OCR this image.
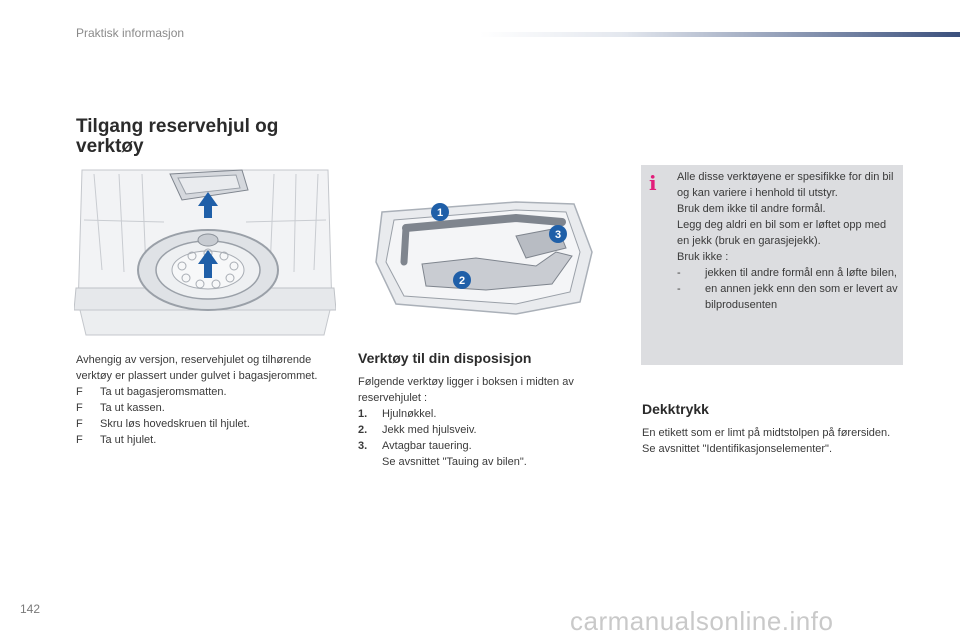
Praktisk informasjon
Tilgang reservehjul og verktøy
1
2
3
Avhengig av versjon, reservehjulet og tilhørende verktøy er plassert under gulvet i bagasjerommet.
F Ta ut bagasjeromsmatten.
F Ta ut kassen.
F Skru løs hovedskruen til hjulet.
F Ta ut hjulet.
Verktøy til din disposisjon
Følgende verktøy ligger i boksen i midten av reservehjulet :
1. Hjulnøkkel.
2. Jekk med hjulsveiv.
3. Avtagbar tauering.
Se avsnittet "Tauing av bilen".
i Alle disse verktøyene er spesifikke for din bil og kan variere i henhold til utstyr.
Bruk dem ikke til andre formål.
Legg deg aldri en bil som er løftet opp med en jekk (bruk en garasjejekk).
Bruk ikke :
- jekken til andre formål enn å løfte bilen,
- en annen jekk enn den som er levert av bilprodusenten
Dekktrykk
En etikett som er limt på midtstolpen på førersiden.
Se avsnittet "Identifikasjonselementer".
142	carmanualsonline.info
